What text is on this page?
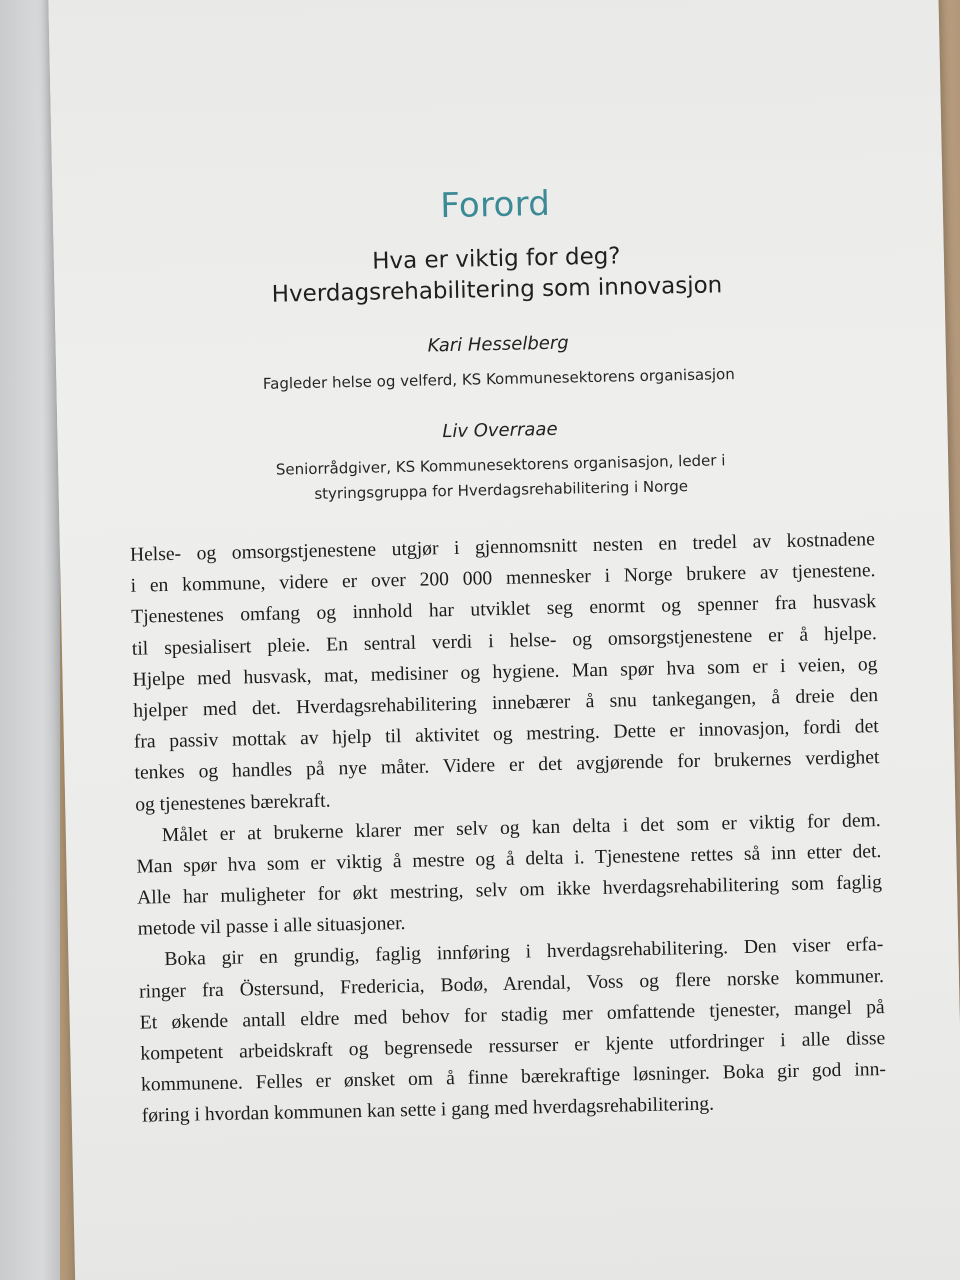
Forord
Hva er viktig for deg?
Hverdagsrehabilitering som innovasjon
Kari Hesselberg
Fagleder helse og velferd, KS Kommunesektorens organisasjon
Liv Overraae
Seniorrådgiver, KS Kommunesektorens organisasjon, leder i
styringsgruppa for Hverdagsrehabilitering i Norge
Helse- og omsorgstjenestene utgjør i gjennomsnitt nesten en tredel av kostnadene
i en kommune, videre er over 200 000 mennesker i Norge brukere av tjenestene.
Tjenestenes omfang og innhold har utviklet seg enormt og spenner fra husvask
til spesialisert pleie. En sentral verdi i helse- og omsorgstjenestene er å hjelpe.
Hjelpe med husvask, mat, medisiner og hygiene. Man spør hva som er i veien, og
hjelper med det. Hverdagsrehabilitering innebærer å snu tankegangen, å dreie den
fra passiv mottak av hjelp til aktivitet og mestring. Dette er innovasjon, fordi det
tenkes og handles på nye måter. Videre er det avgjørende for brukernes verdighet
og tjenestenes bærekraft.
Målet er at brukerne klarer mer selv og kan delta i det som er viktig for dem.
Man spør hva som er viktig å mestre og å delta i. Tjenestene rettes så inn etter det.
Alle har muligheter for økt mestring, selv om ikke hverdagsrehabilitering som faglig
metode vil passe i alle situasjoner.
Boka gir en grundig, faglig innføring i hverdagsrehabilitering. Den viser erfa-
ringer fra Östersund, Fredericia, Bodø, Arendal, Voss og flere norske kommuner.
Et økende antall eldre med behov for stadig mer omfattende tjenester, mangel på
kompetent arbeidskraft og begrensede ressurser er kjente utfordringer i alle disse
kommunene. Felles er ønsket om å finne bærekraftige løsninger. Boka gir god inn-
føring i hvordan kommunen kan sette i gang med hverdagsrehabilitering.
